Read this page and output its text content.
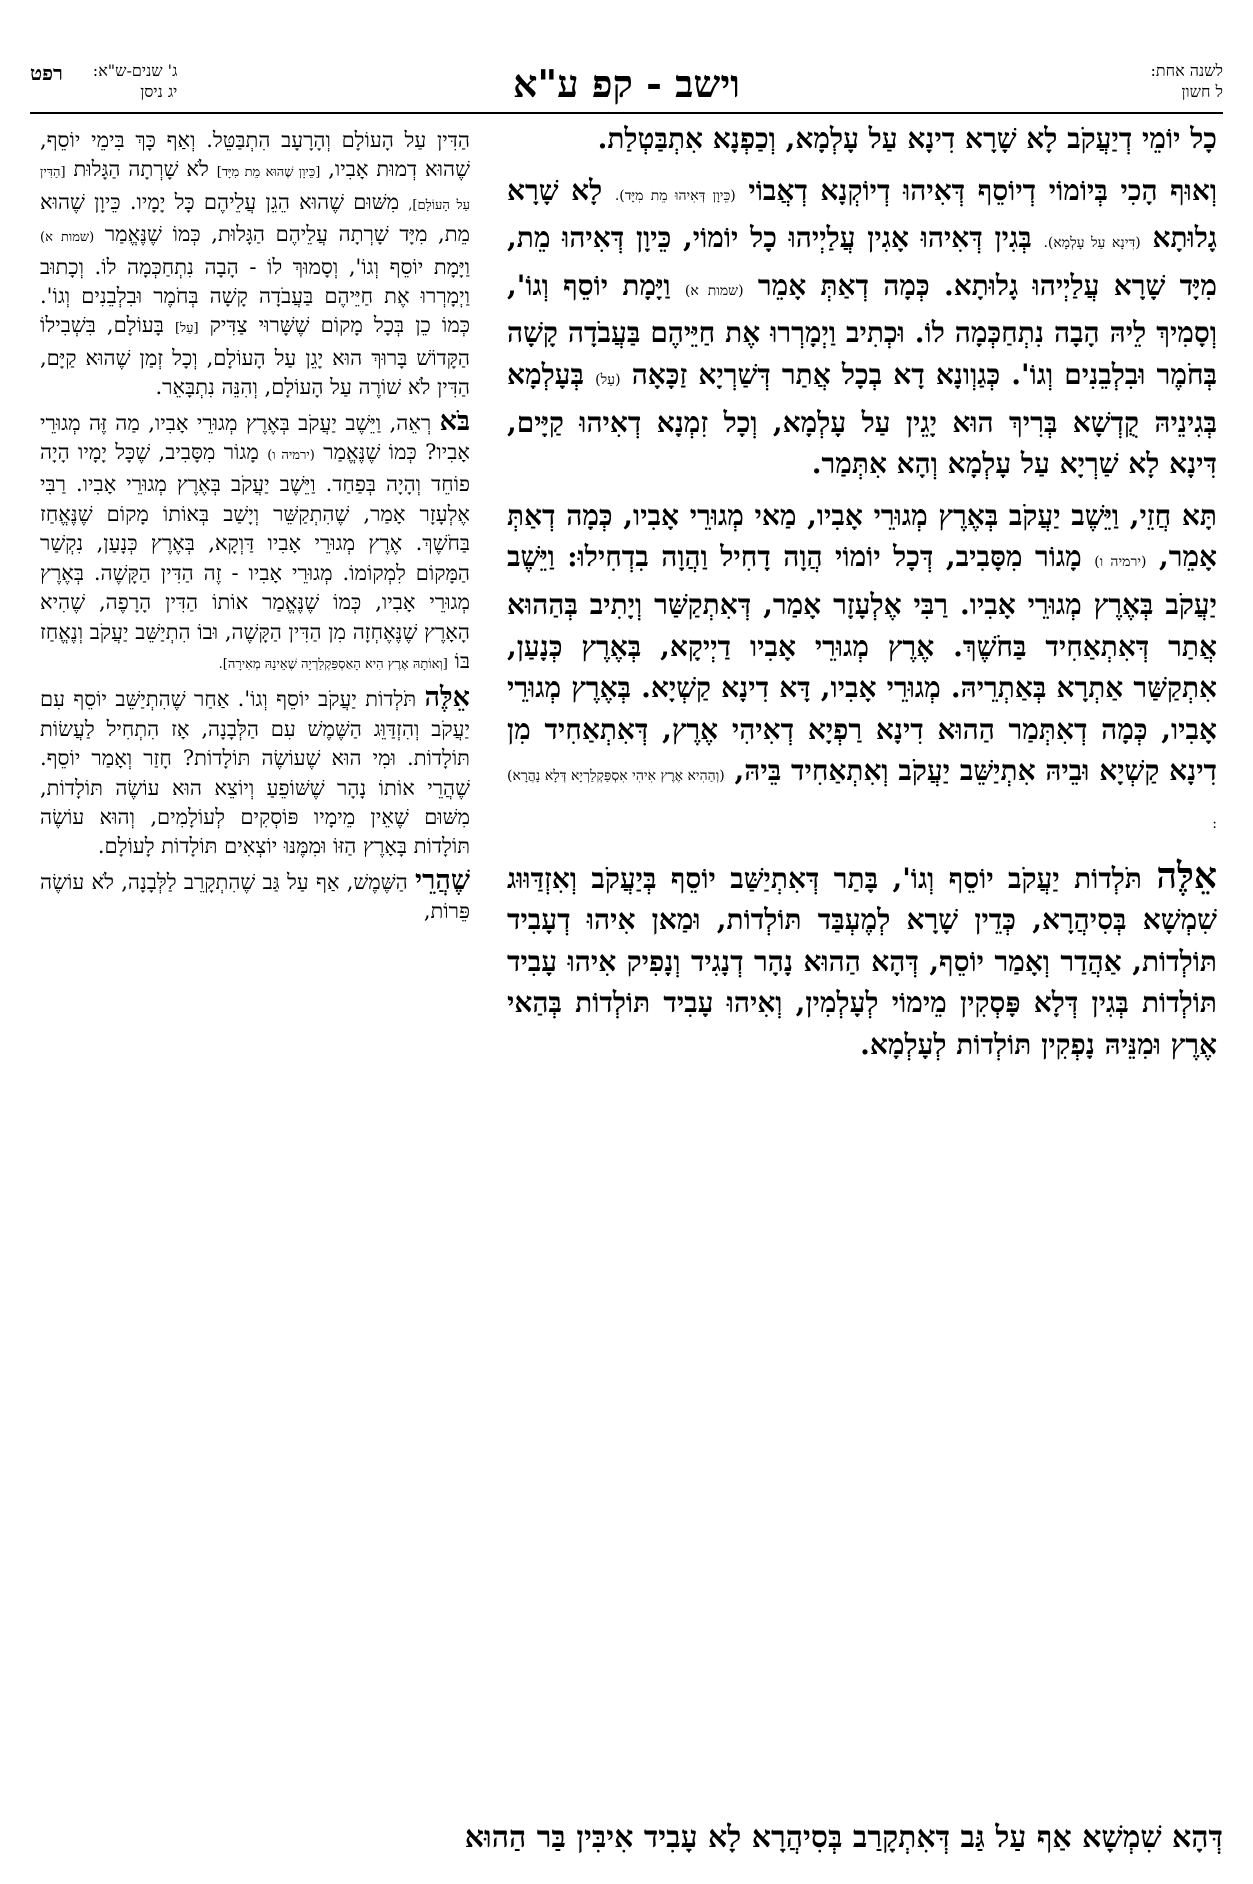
לשנה אחת:
ל חשון
וישב - קפ ע"א
ג' שנים-ש"א:
יג ניסן
רפט

כָל יוֹמֵי דְיַעֲקֹב לָא שָׁרָא דִינָא עַל עָלְמָא, וְכַפְנָא אִתְבַּטְלַת.

וְאוּף הָכִי בְּיוֹמוֹי דְיוֹסֵף דְּאִיהוּ דְיוֹקְנָא דְאֲבוֹי (כֵּיוָן דְּאִיהוּ מֵת מִיָּד). לָא שָׁרָא גָלוּתָא (דִּינָא עַל עָלְמָא). בְּגִין דְּאִיהוּ אָגִין עֲלַיְיהוּ כָל יוֹמוֹי, כֵּיוָן דְּאִיהוּ מֵת, מִיָּד שָׁרָא עֲלַיְיהוּ גָלוּתָא. כְּמָה דְאַתְּ אָמֵר (שמות א) וַיָּמָת יוֹסֵף וְגוֹ', וְסָמִיךְ לֵיהּ הָבָה נִתְחַכְּמָה לוֹ. וּכְתִיב וַיְמָרְרוּ אֶת חַיֵּיהֶם בַּעֲבֹדָה קָשָׁה בְּחֹמֶר וּבִלְבֵנִים וְגוֹ'. כְּגַוְונָא דָא בְכָל אֲתַר דְּשַׁרְיָא זַכָּאָה (עַל) בְּעָלְמָא בְּגִינֵיהּ קֻדְשָׁא בְּרִיךְ הוּא יָגֵין עַל עָלְמָא, וְכָל זִמְנָא דְאִיהוּ קַיָּים, דִּינָא לָא שַׁרְיָא עַל עָלְמָא וְהָא אִתְּמַר.

תָּא חֲזֵי, וַיֵּשֶׁב יַעֲקֹב בְּאֶרֶץ מְגוּרֵי אָבִיו, מַאי מְגוּרֵי אָבִיו, כְּמָה דְאַתְּ אָמֵר, (ירמיה ו) מָגוֹר מִסָּבִיב, דְּכָל יוֹמוֹי הֲוָה דָחִיל וַהֲוָה בִדְחִילוּ: וַיֵּשֶׁב יַעֲקֹב בְּאֶרֶץ מְגוּרֵי אָבִיו. רַבִּי אֶלְעָזָר אָמַר, דְּאִתְקַשַּׁר וְיָתִיב בְּהַהוּא אֲתַר דְּאִתְאַחִיד בַּחֹשֶׁךְ. אֶרֶץ מְגוּרֵי אָבִיו דַיְיקָא, בְּאֶרֶץ כְּנָעַן, אִתְקַשַּׁר אַתְרָא בְּאַתְרֵיהּ. מְגוּרֵי אָבִיו, דָּא דִינָא קַשְׁיָא. בְּאֶרֶץ מְגוּרֵי אָבִיו, כְּמָה דְאִתְּמַר הַהוּא דִינָא רַפְיָא דְאִיהִי אֶרֶץ, דְּאִתְאַחִיד מִן דִינָא קַשְׁיָא וּבֵיהּ אִתְיַשֵּׁב יַעֲקֹב וְאִתְאַחִיד בֵּיהּ, (וְהַהִיא אֶרֶץ אִיהִי אִסְפַּקְלַרְיָא דְּלָא נָהֲרָא) :

אֵלֶּה תֹּלְדוֹת יַעֲקֹב יוֹסֵף וְגוֹ', בָּתַר דְּאִתְיַשַּׁב יוֹסֵף בְּיַעֲקֹב וְאִזְדַּוּוּג שִׁמְשָׁא בְּסִיהֲרָא, כְּדֵין שָׁרָא לְמֶעְבַּד תּוֹלְדוֹת, וּמַאן אִיהוּ דְעָבִיד תּוֹלְדוֹת, אַהֲדַר וְאָמַר יוֹסֵף, דְּהָא הַהוּא נָהָר דְנָגִיד וְנָפִיק אִיהוּ עָבִיד תּוֹלְדוֹת בְּגִין דְּלָא פָּסְקִין מֵימוֹי לְעָלְמִין, וְאִיהוּ עָבִיד תּוֹלְדוֹת בְּהַאי אֶרֶץ וּמִנֵּיהּ נָפְקִין תּוֹלְדוֹת לְעָלְמָא.

הַדִּין עַל הָעוֹלָם וְהָרָעָב הִתְבַּטֵּל. וְאַף כָּךְ בִּימֵי יוֹסֵף, שֶׁהוּא דְמוּת אָבִיו, [כֵּיוָן שֶׁהוּא מֵת מִיָּד] לֹא שָׁרְתָה הַגָּלוּת [הַדִּין עַל הָעוֹלָם], מִשּׁוּם שֶׁהוּא הֵגֵן עֲלֵיהֶם כָּל יָמָיו. כֵּיוָן שֶׁהוּא מֵת, מִיָּד שָׁרְתָה עֲלֵיהֶם הַגָּלוּת, כְּמוֹ שֶׁנֶּאֱמַר (שמות א) וַיָּמָת יוֹסֵף וְגוֹ', וְסָמוּךְ לוֹ - הָבָה נִתְחַכְּמָה לוֹ. וְכָתוּב וַיְמָרְרוּ אֶת חַיֵּיהֶם בַּעֲבֹדָה קָשָׁה בְּחֹמֶר וּבִלְבֵנִים וְגוֹ'. כְּמוֹ כֵן בְּכָל מָקוֹם שֶׁשָּׁרוּי צַדִּיק [עַל] בָּעוֹלָם, בִּשְׁבִילוֹ הַקָּדוֹשׁ בָּרוּךְ הוּא יָגֵן עַל הָעוֹלָם, וְכָל זְמַן שֶׁהוּא קַיָּם, הַדִּין לֹא שׁוֹרֶה עַל הָעוֹלָם, וְהִנֵּה נִתְבָּאֵר.

בֹּא רְאֵה, וַיֵּשֶׁב יַעֲקֹב בְּאֶרֶץ מְגוּרֵי אָבִיו, מַה זֶּה מְגוּרֵי אָבִיו? כְּמוֹ שֶׁנֶּאֱמַר (ירמיה ו) מָגוֹר מִסָּבִיב, שֶׁכָּל יָמָיו הָיָה פוֹחֵד וְהָיָה בְּפַחַד. וַיֵּשֶׁב יַעֲקֹב בְּאֶרֶץ מְגוּרֵי אָבִיו. רַבִּי אֶלְעָזָר אָמַר, שֶׁהִתְקַשֵּׁר וְיָשַׁב בְּאוֹתוֹ מָקוֹם שֶׁנֶּאֱחַז בַּחֹשֶׁךְ. אֶרֶץ מְגוּרֵי אָבִיו דַּוְקָא, בְּאֶרֶץ כְּנָעַן, נִקְשַׁר הַמָּקוֹם לִמְקוֹמוֹ. מְגוּרֵי אָבִיו - זֶה הַדִּין הַקָּשֶׁה. בְּאֶרֶץ מְגוּרֵי אָבִיו, כְּמוֹ שֶׁנֶּאֱמַר אוֹתוֹ הַדִּין הָרָפֶה, שֶׁהִיא הָאָרֶץ שֶׁנֶּאֶחְזָה מִן הַדִּין הַקָּשֶׁה, וּבוֹ הִתְיַשֵּׁב יַעֲקֹב וְנֶאֱחַז בּוֹ [וְאוֹתָהּ אֶרֶץ הִיא הָאַסְפַּקְלַרְיָה שֶׁאֵינָהּ מְאִירָה].

אֵלֶּה תֹּלְדוֹת יַעֲקֹב יוֹסֵף וְגוֹ'. אַחַר שֶׁהִתְיַשֵּׁב יוֹסֵף עִם יַעֲקֹב וְהִזְדַּוֵּג הַשֶּׁמֶשׁ עִם הַלְּבָנָה, אָז הִתְחִיל לַעֲשׂוֹת תּוֹלָדוֹת. וּמִי הוּא שֶׁעוֹשֶׂה תּוֹלָדוֹת? חָזַר וְאָמַר יוֹסֵף. שֶׁהֲרֵי אוֹתוֹ נָהָר שֶׁשּׁוֹפֵעַ וְיוֹצֵא הוּא עוֹשֶׂה תּוֹלָדוֹת, מִשּׁוּם שֶׁאֵין מֵימָיו פּוֹסְקִים לְעוֹלָמִים, וְהוּא עוֹשֶׂה תּוֹלָדוֹת בָּאָרֶץ הַזּוֹ וּמִמֶּנּוּ יוֹצְאִים תּוֹלָדוֹת לָעוֹלָם.

שֶׁהֲרֵי הַשֶּׁמֶשׁ, אַף עַל גַּב שֶׁהִתְקָרֵב לַלְּבָנָה, לֹא עוֹשֶׂה פֵּרוֹת,

דְּהָא שִׁמְשָׁא אַף עַל גַּב דְּאִתְקָרַב בְּסִיהֲרָא לָא עָבִיד אִיבִּין בַּר הַהוּא
